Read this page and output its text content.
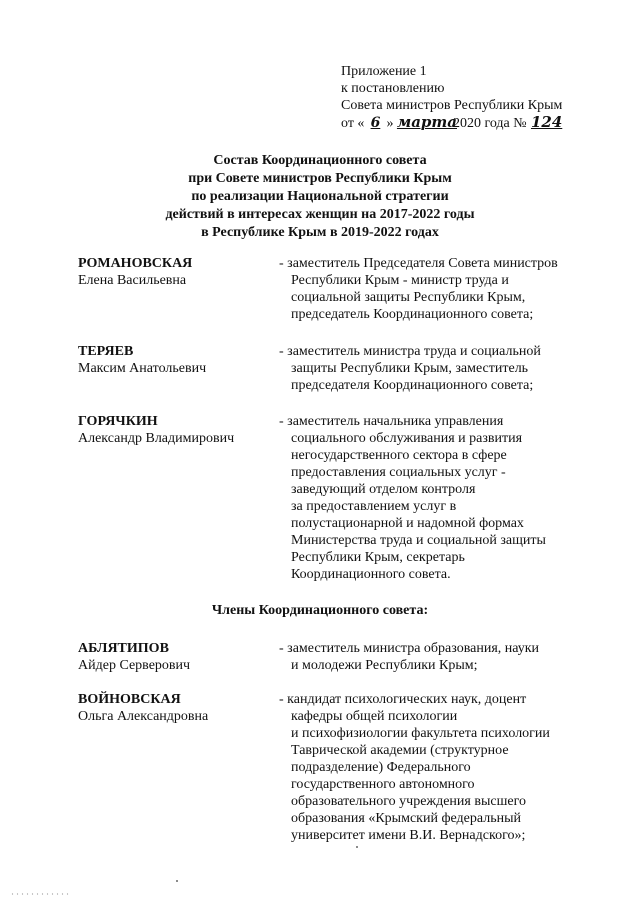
Приложение 1
к постановлению
Совета министров Республики Крым
от « 6 » марта2020 года № 124
Состав Координационного совета
при Совете министров Республики Крым
по реализации Национальной стратегии
действий в интересах женщин на 2017-2022 годы
в Республике Крым в 2019-2022 годах
РОМАНОВСКАЯ
Елена Васильевна
- заместитель Председателя Совета министров
Республики Крым - министр труда и
социальной защиты Республики Крым,
председатель Координационного совета;
ТЕРЯЕВ
Максим Анатольевич
- заместитель министра труда и социальной
защиты Республики Крым, заместитель
председателя Координационного совета;
ГОРЯЧКИН
Александр Владимирович
- заместитель начальника управления
социального обслуживания и развития
негосударственного сектора в сфере
предоставления социальных услуг -
заведующий отделом контроля
за предоставлением услуг в
полустационарной и надомной формах
Министерства труда и социальной защиты
Республики Крым, секретарь
Координационного совета.
Члены Координационного совета:
АБЛЯТИПОВ
Айдер Серверович
- заместитель министра образования, науки
и молодежи Республики Крым;
ВОЙНОВСКАЯ
Ольга Александровна
- кандидат психологических наук, доцент
кафедры общей психологии
и психофизиологии факультета психологии
Таврической академии (структурное
подразделение) Федерального
государственного автономного
образовательного учреждения высшего
образования «Крымский федеральный
университет имени В.И. Вернадского»;
